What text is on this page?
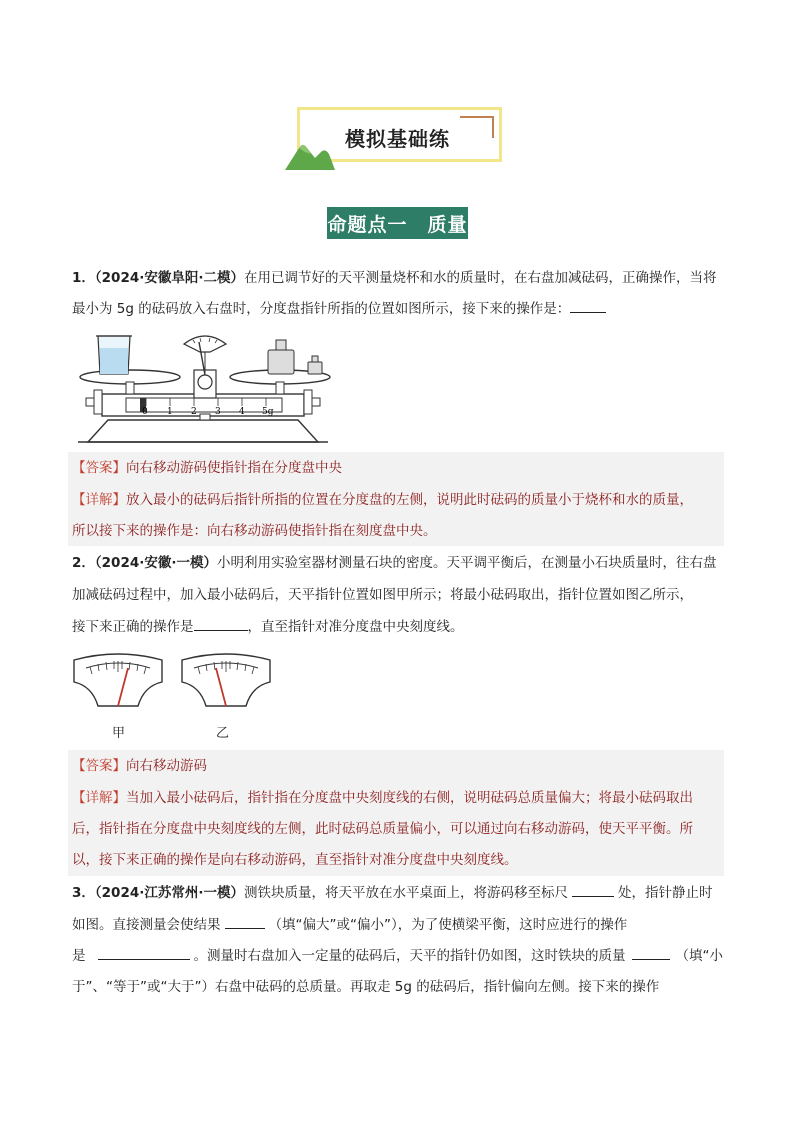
模拟基础练
命题点一　质量
1．（2024·安徽阜阳·二模）在用已调节好的天平测量烧杯和水的质量时，在右盘加减砝码，正确操作，当将
最小为 5g 的砝码放入右盘时，分度盘指针所指的位置如图所示，接下来的操作是：
0 1 2 3 4 5g
【答案】向右移动游码使指针指在分度盘中央
【详解】放入最小的砝码后指针所指的位置在分度盘的左侧，说明此时砝码的质量小于烧杯和水的质量，
所以接下来的操作是：向右移动游码使指针指在刻度盘中央。
2．（2024·安徽·一模）小明利用实验室器材测量石块的密度。天平调平衡后，在测量小石块质量时，往右盘
加减砝码过程中，加入最小砝码后，天平指针位置如图甲所示；将最小砝码取出，指针位置如图乙所示，
接下来正确的操作是	，直至指针对准分度盘中央刻度线。
甲	乙
【答案】向右移动游码
【详解】当加入最小砝码后，指针指在分度盘中央刻度线的右侧，说明砝码总质量偏大；将最小砝码取出
后，指针指在分度盘中央刻度线的左侧，此时砝码总质量偏小，可以通过向右移动游码，使天平平衡。所
以，接下来正确的操作是向右移动游码，直至指针对准分度盘中央刻度线。
3．（2024·江苏常州·一模）测铁块质量，将天平放在水平桌面上，将游码移至标尺	处，指针静止时
如图。直接测量会使结果	（填“偏大”或“偏小”），为了使横梁平衡，这时应进行的操作
是	。测量时右盘加入一定量的砝码后，天平的指针仍如图，这时铁块的质量	（填“小
于”、“等于”或“大于”）右盘中砝码的总质量。再取走 5g 的砝码后，指针偏向左侧。接下来的操作
